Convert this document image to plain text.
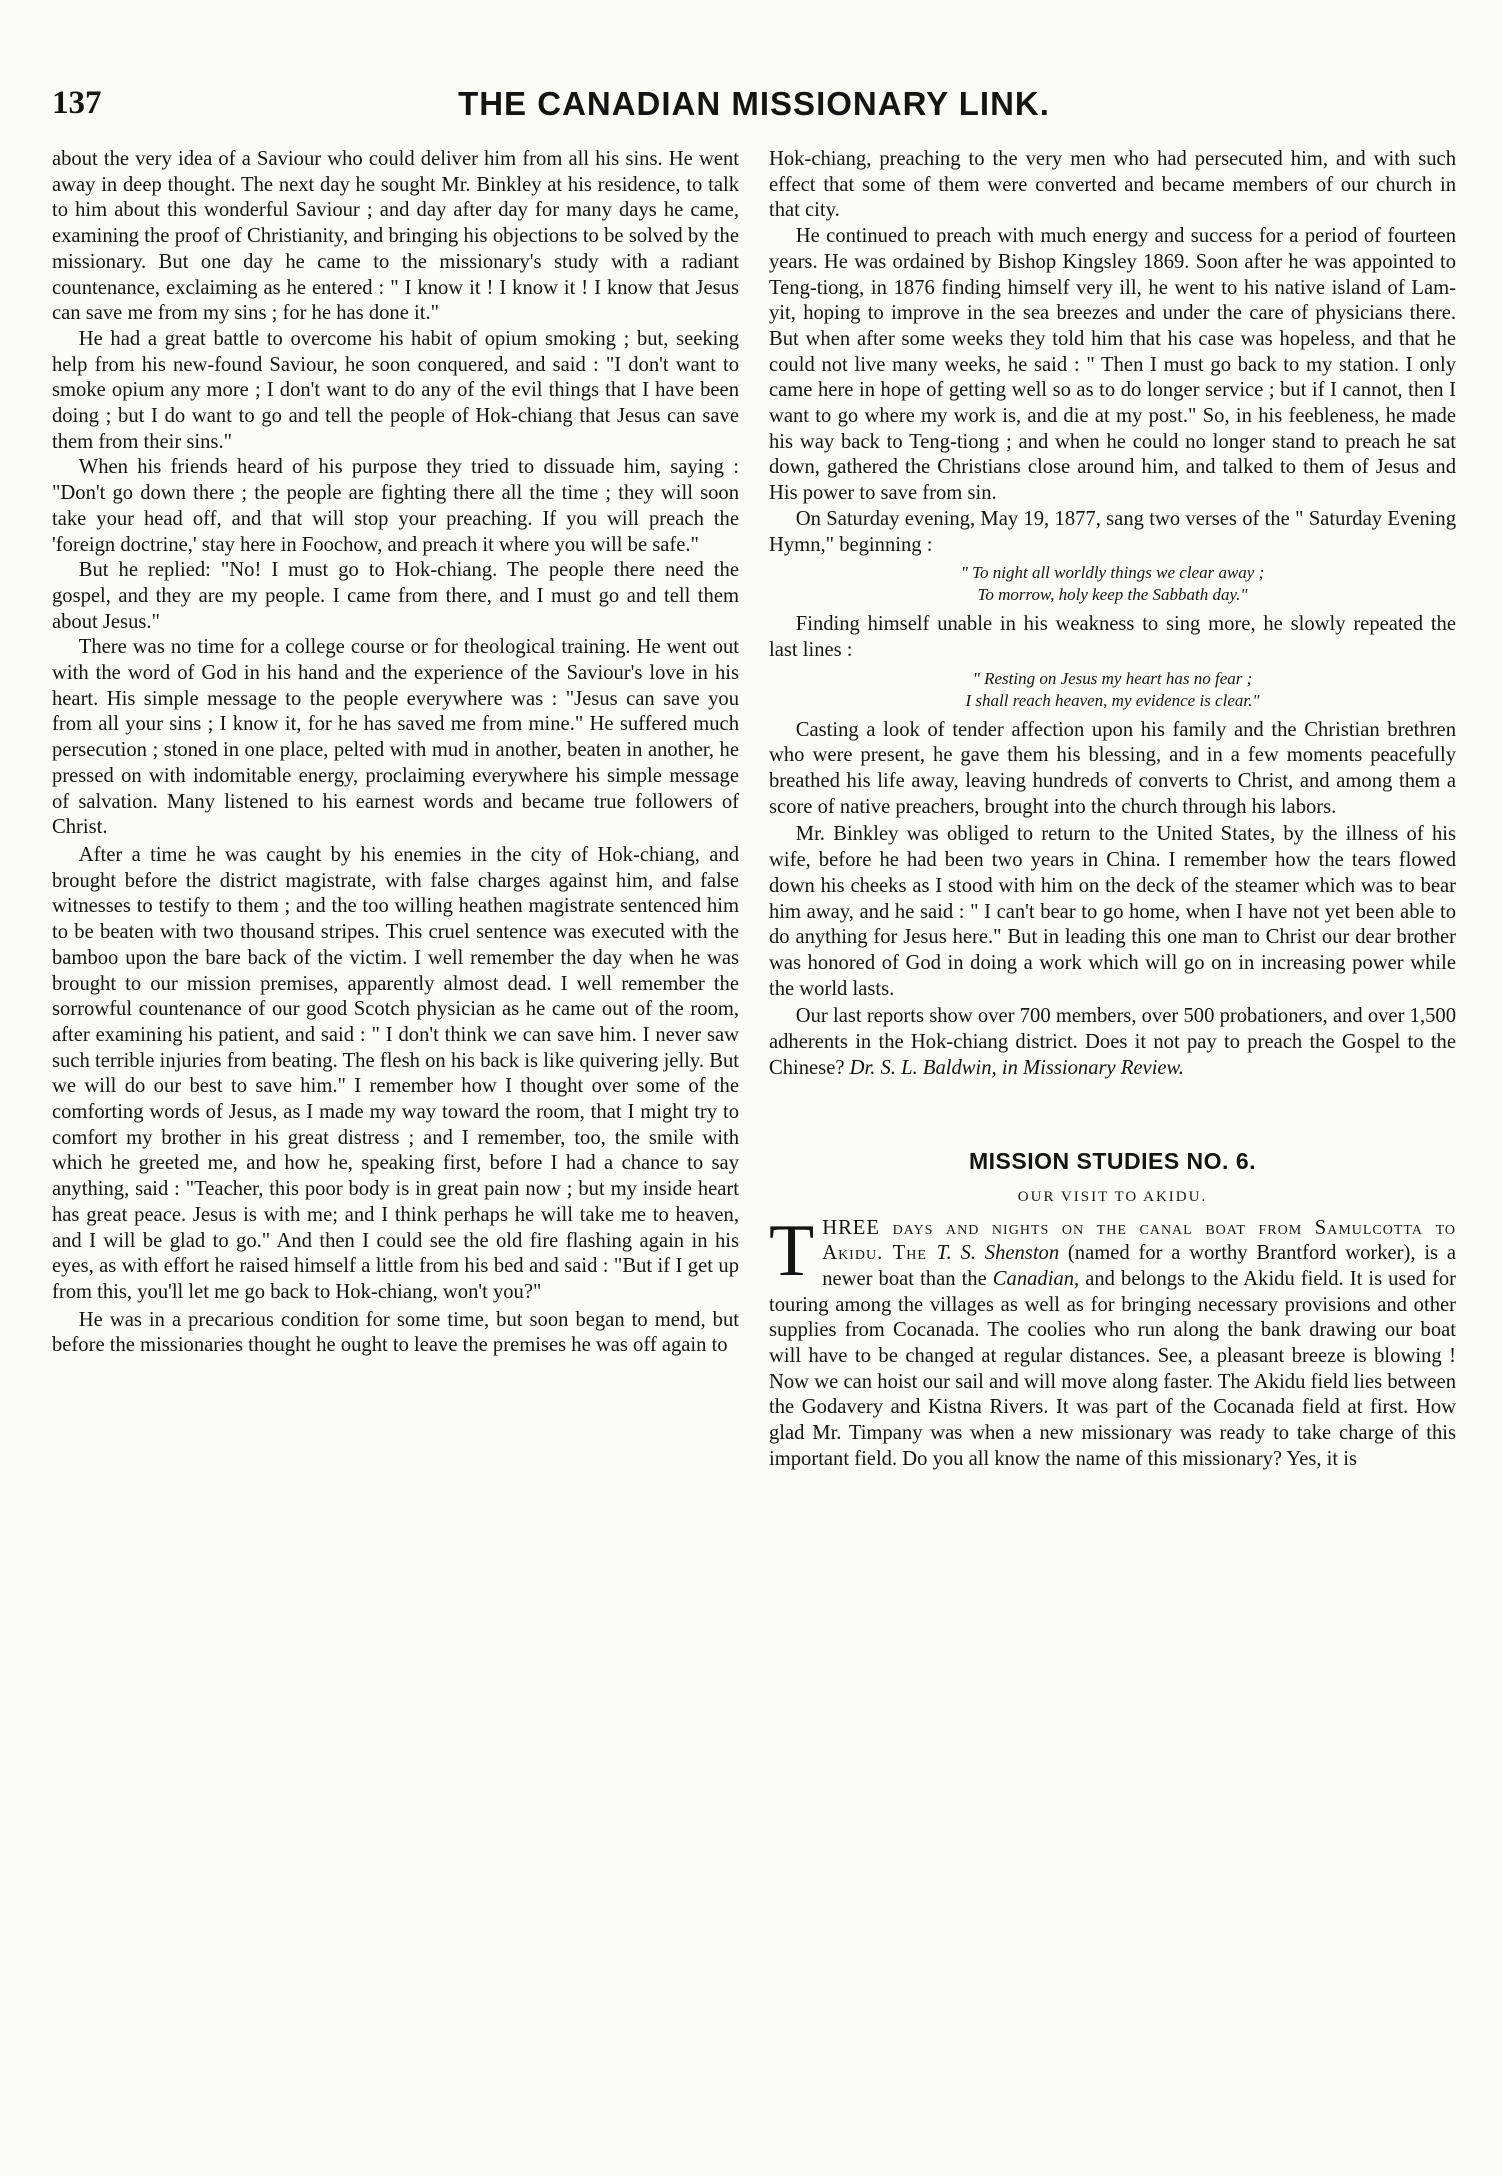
THE CANADIAN MISSIONARY LINK.
137

about the very idea of a Saviour who could deliver him from all his sins. He went away in deep thought. The next day he sought Mr. Binkley at his residence, to talk to him about this wonderful Saviour ; and day after day for many days he came, examining the proof of Christianity, and bringing his objections to be solved by the missionary. But one day he came to the missionary's study with a radiant countenance, exclaiming as he entered : " I know it ! I know it ! I know that Jesus can save me from my sins ; for he has done it."

He had a great battle to overcome his habit of opium smoking ; but, seeking help from his new-found Saviour, he soon conquered, and said : "I don't want to smoke opium any more ; I don't want to do any of the evil things that I have been doing ; but I do want to go and tell the people of Hok-chiang that Jesus can save them from their sins."

When his friends heard of his purpose they tried to dissuade him, saying : "Don't go down there ; the people are fighting there all the time ; they will soon take your head off, and that will stop your preaching. If you will preach the 'foreign doctrine,' stay here in Foochow, and preach it where you will be safe."

But he replied: "No! I must go to Hok-chiang. The people there need the gospel, and they are my people. I came from there, and I must go and tell them about Jesus."

There was no time for a college course or for theological training. He went out with the word of God in his hand and the experience of the Saviour's love in his heart. His simple message to the people everywhere was : "Jesus can save you from all your sins ; I know it, for he has saved me from mine." He suffered much persecution ; stoned in one place, pelted with mud in another, beaten in another, he pressed on with indomitable energy, proclaiming everywhere his simple message of salvation. Many listened to his earnest words and became true followers of Christ.

After a time he was caught by his enemies in the city of Hok-chiang, and brought before the district magistrate, with false charges against him, and false witnesses to testify to them ; and the too willing heathen magistrate sentenced him to be beaten with two thousand stripes. This cruel sentence was executed with the bamboo upon the bare back of the victim. I well remember the day when he was brought to our mission premises, apparently almost dead. I well remember the sorrowful countenance of our good Scotch physician as he came out of the room, after examining his patient, and said : " I don't think we can save him. I never saw such terrible injuries from beating. The flesh on his back is like quivering jelly. But we will do our best to save him." I remember how I thought over some of the comforting words of Jesus, as I made my way toward the room, that I might try to comfort my brother in his great distress ; and I remember, too, the smile with which he greeted me, and how he, speaking first, before I had a chance to say anything, said : "Teacher, this poor body is in great pain now ; but my inside heart has great peace. Jesus is with me; and I think perhaps he will take me to heaven, and I will be glad to go." And then I could see the old fire flashing again in his eyes, as with effort he raised himself a little from his bed and said : "But if I get up from this, you'll let me go back to Hok-chiang, won't you?"

He was in a precarious condition for some time, but soon began to mend, but before the missionaries thought he ought to leave the premises he was off again to

Hok-chiang, preaching to the very men who had persecuted him, and with such effect that some of them were converted and became members of our church in that city.

He continued to preach with much energy and success for a period of fourteen years. He was ordained by Bishop Kingsley 1869. Soon after he was appointed to Teng-tiong, in 1876 finding himself very ill, he went to his native island of Lam-yit, hoping to improve in the sea breezes and under the care of physicians there. But when after some weeks they told him that his case was hopeless, and that he could not live many weeks, he said : " Then I must go back to my station. I only came here in hope of getting well so as to do longer service ; but if I cannot, then I want to go where my work is, and die at my post." So, in his feebleness, he made his way back to Teng-tiong ; and when he could no longer stand to preach he sat down, gathered the Christians close around him, and talked to them of Jesus and His power to save from sin.

On Saturday evening, May 19, 1877, sang two verses of the " Saturday Evening Hymn," beginning :

" To night all worldly things we clear away ;
To morrow, holy keep the Sabbath day."

Finding himself unable in his weakness to sing more, he slowly repeated the last lines :

" Resting on Jesus my heart has no fear ;
I shall reach heaven, my evidence is clear."

Casting a look of tender affection upon his family and the Christian brethren who were present, he gave them his blessing, and in a few moments peacefully breathed his life away, leaving hundreds of converts to Christ, and among them a score of native preachers, brought into the church through his labors.

Mr. Binkley was obliged to return to the United States, by the illness of his wife, before he had been two years in China. I remember how the tears flowed down his cheeks as I stood with him on the deck of the steamer which was to bear him away, and he said : " I can't bear to go home, when I have not yet been able to do anything for Jesus here." But in leading this one man to Christ our dear brother was honored of God in doing a work which will go on in increasing power while the world lasts.

Our last reports show over 700 members, over 500 probationers, and over 1,500 adherents in the Hok-chiang district. Does it not pay to preach the Gospel to the Chinese? Dr. S. L. Baldwin, in Missionary Review.

MISSION STUDIES NO. 6.
OUR VISIT TO AKIDU.

THREE days and nights on the canal boat from Samulcotta to Akidu. The T. S. Shenston (named for a worthy Brantford worker), is a newer boat than the Canadian, and belongs to the Akidu field. It is used for touring among the villages as well as for bringing necessary provisions and other supplies from Cocanada. The coolies who run along the bank drawing our boat will have to be changed at regular distances. See, a pleasant breeze is blowing ! Now we can hoist our sail and will move along faster. The Akidu field lies between the Godavery and Kistna Rivers. It was part of the Cocanada field at first. How glad Mr. Timpany was when a new missionary was ready to take charge of this important field. Do you all know the name of this missionary? Yes, it is
